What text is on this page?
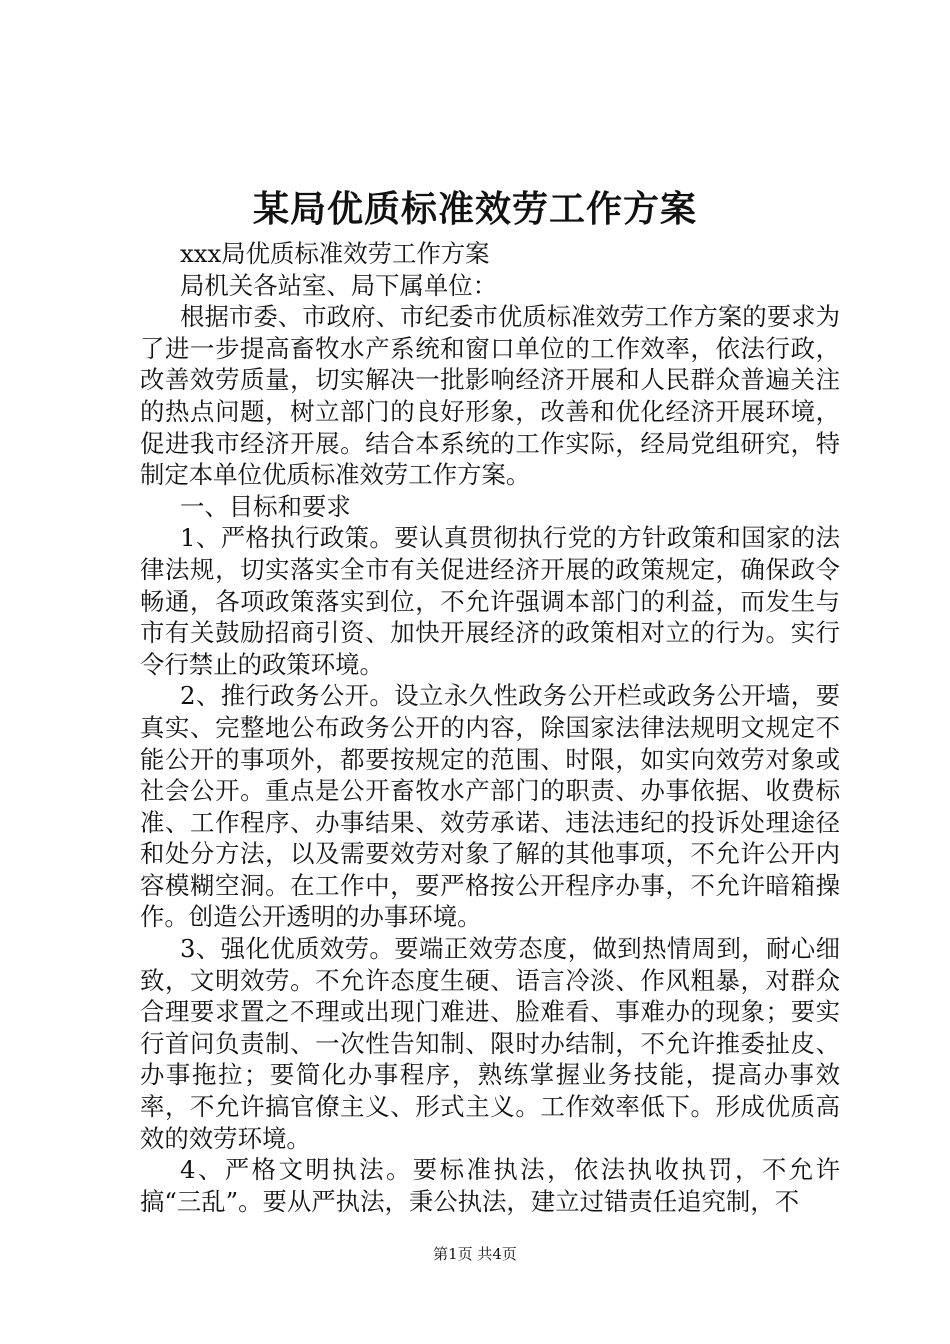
某局优质标准效劳工作方案

xxx局优质标准效劳工作方案

局机关各站室、局下属单位：

根据市委、市政府、市纪委市优质标准效劳工作方案的要求为了进一步提高畜牧水产系统和窗口单位的工作效率，依法行政，改善效劳质量，切实解决一批影响经济开展和人民群众普遍关注的热点问题，树立部门的良好形象，改善和优化经济开展环境，促进我市经济开展。结合本系统的工作实际，经局党组研究，特制定本单位优质标准效劳工作方案。

一、目标和要求

1、严格执行政策。要认真贯彻执行党的方针政策和国家的法律法规，切实落实全市有关促进经济开展的政策规定，确保政令畅通，各项政策落实到位，不允许强调本部门的利益，而发生与市有关鼓励招商引资、加快开展经济的政策相对立的行为。实行令行禁止的政策环境。

2、推行政务公开。设立永久性政务公开栏或政务公开墙，要真实、完整地公布政务公开的内容，除国家法律法规明文规定不能公开的事项外，都要按规定的范围、时限，如实向效劳对象或社会公开。重点是公开畜牧水产部门的职责、办事依据、收费标准、工作程序、办事结果、效劳承诺、违法违纪的投诉处理途径和处分方法，以及需要效劳对象了解的其他事项，不允许公开内容模糊空洞。在工作中，要严格按公开程序办事，不允许暗箱操作。创造公开透明的办事环境。

3、强化优质效劳。要端正效劳态度，做到热情周到，耐心细致，文明效劳。不允许态度生硬、语言冷淡、作风粗暴，对群众合理要求置之不理或出现门难进、脸难看、事难办的现象；要实行首问负责制、一次性告知制、限时办结制，不允许推委扯皮、办事拖拉；要简化办事程序，熟练掌握业务技能，提高办事效率，不允许搞官僚主义、形式主义。工作效率低下。形成优质高效的效劳环境。

4、严格文明执法。要标准执法，依法执收执罚，不允许搞“三乱”。要从严执法，秉公执法，建立过错责任追究制，不

第1页 共4页
